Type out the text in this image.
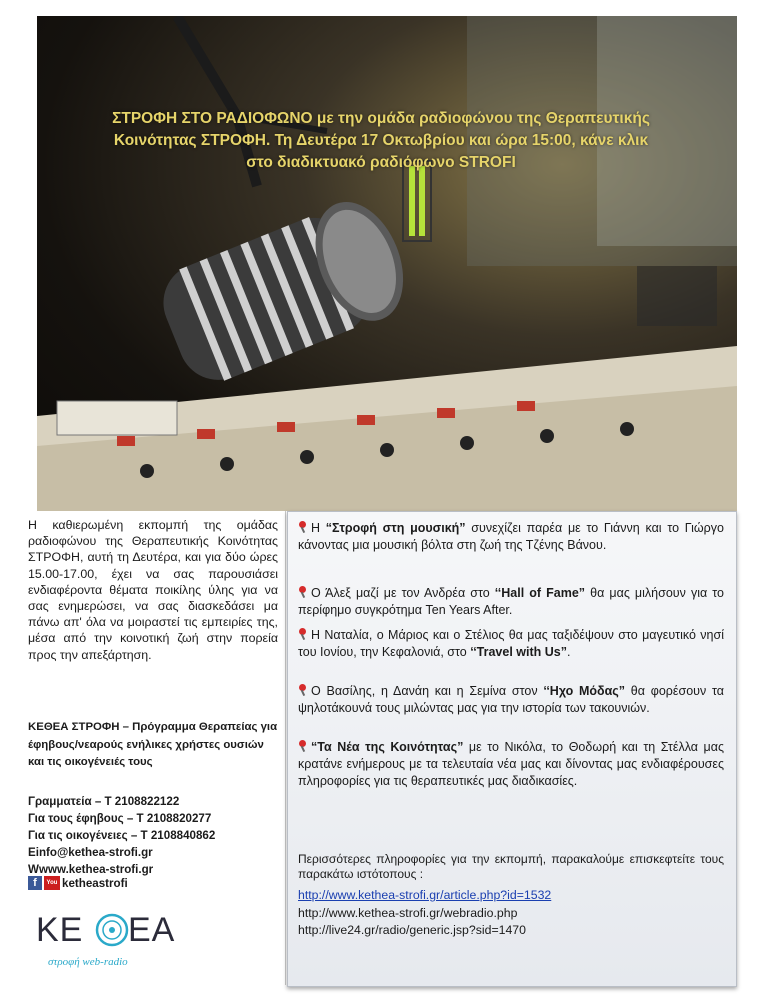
ΣΤΡΟΦΗ ΣΤΟ ΡΑΔΙΟΦΩΝΟ με την ομάδα ραδιοφώνου της Θεραπευτικής
Κοινότητας ΣΤΡΟΦΗ. Τη Δευτέρα 17 Οκτωβρίου και ώρα 15:00, κάνε κλικ
στο διαδικτυακό ραδιόφωνο STROFI
Η καθιερωμένη εκπομπή της ομάδας ραδιοφώνου της Θεραπευτικής Κοινότητας ΣΤΡΟΦΗ, αυτή τη Δευτέρα, και για δύο ώρες 15.00-17.00, έχει να σας παρουσιάσει ενδιαφέροντα θέματα ποικίλης ύλης για να σας ενημερώσει, να σας διασκεδάσει μα πάνω απ' όλα να μοιραστεί τις εμπειρίες της, μέσα από την κοινοτική ζωή στην πορεία προς την απεξάρτηση.
ΚΕΘΕΑ ΣΤΡΟΦΗ – Πρόγραμμα Θεραπείας για έφηβους/νεαρούς ενήλικες χρήστες ουσιών και τις οικογένειές τους
Γραμματεία – Τ 2108822122
Για τους έφηβους – Τ 2108820277
Για τις οικογένειες – Τ 2108840862
Einfo@kethea-strofi.gr
Wwww.kethea-strofi.gr
f	You ketheastrofi
ΚΕ ΕΑ
στροφή web-radio
Η “Στροφή στη μουσική” συνεχίζει παρέα με το Γιάννη και το Γιώργο κάνοντας μια μουσική βόλτα στη ζωή της Τζένης Βάνου.
Ο Άλεξ μαζί με τον Ανδρέα στο ‘‘Hall of Fame” θα μας μιλήσουν για το περίφημο συγκρότημα Ten Years After.
Η Ναταλία, ο Μάριος και ο Στέλιος θα μας ταξιδέψουν στο μαγευτικό νησί του Ιονίου, την Κεφαλονιά, στο ‘‘Travel with Us”.
Ο Βασίλης, η Δανάη και η Σεμίνα στον ‘‘Ηχο Μόδας” θα φορέσουν τα ψηλοτάκουνά τους μιλώντας μας για την ιστορία των τακουνιών.
“Τα Νέα της Κοινότητας” με το Νικόλα, το Θοδωρή και τη Στέλλα μας κρατάνε ενήμερους με τα τελευταία νέα μας και δίνοντας μας ενδιαφέρουσες πληροφορίες για τις θεραπευτικές μας διαδικασίες.
Περισσότερες πληροφορίες για την εκπομπή, παρακαλούμε επισκεφτείτε τους παρακάτω ιστότοπους :
http://www.kethea-strofi.gr/article.php?id=1532
http://www.kethea-strofi.gr/webradio.php
http://live24.gr/radio/generic.jsp?sid=1470
